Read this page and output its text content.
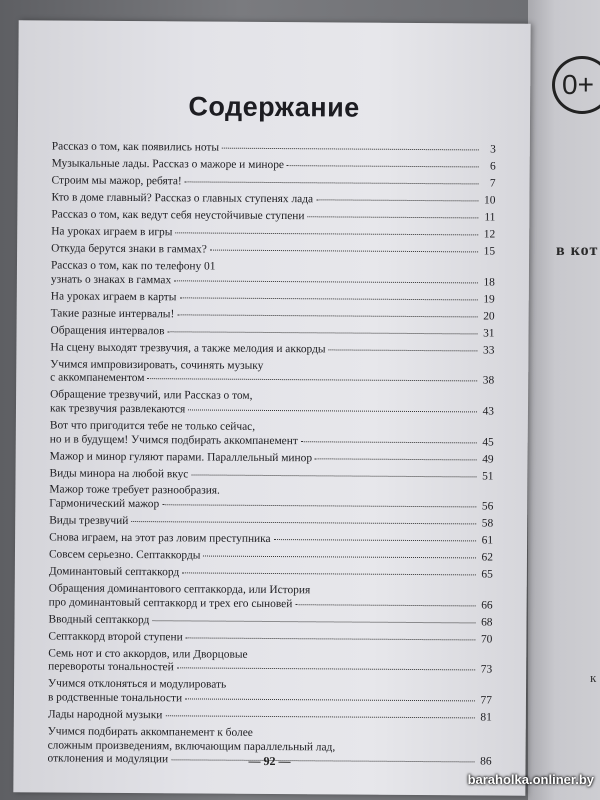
0+
в кот
к
Содержание
Рассказ о том, как появились ноты	3
Музыкальные лады. Рассказ о мажоре и миноре	6
Строим мы мажор, ребята!	7
Кто в доме главный? Рассказ о главных ступенях лада	10
Рассказ о том, как ведут себя неустойчивые ступени	11
На уроках играем в игры	12
Откуда берутся знаки в гаммах?	15
Рассказ о том, как по телефону 01
узнать о знаках в гаммах	18
На уроках играем в карты	19
Такие разные интервалы!	20
Обращения интервалов	31
На сцену выходят трезвучия, а также мелодия и аккорды	33
Учимся импровизировать, сочинять музыку
с аккомпанементом	38
Обращение трезвучий, или Рассказ о том,
как трезвучия развлекаются	43
Вот что пригодится тебе не только сейчас,
но и в будущем! Учимся подбирать аккомпанемент	45
Мажор и минор гуляют парами. Параллельный минор	49
Виды минора на любой вкус	51
Мажор тоже требует разнообразия.
Гармонический мажор	56
Виды трезвучий	58
Снова играем, на этот раз ловим преступника	61
Совсем серьезно. Септаккорды	62
Доминантовый септаккорд	65
Обращения доминантового септаккорда, или История
про доминантовый септаккорд и трех его сыновей	66
Вводный септаккорд	68
Септаккорд второй ступени	70
Семь нот и сто аккордов, или Дворцовые
перевороты тональностей	73
Учимся отклоняться и модулировать
в родственные тональности	77
Лады народной музыки	81
Учимся подбирать аккомпанемент к более
сложным произведениям, включающим параллельный лад,
отклонения и модуляции	86
— 92 —
baraholka.onliner.by
